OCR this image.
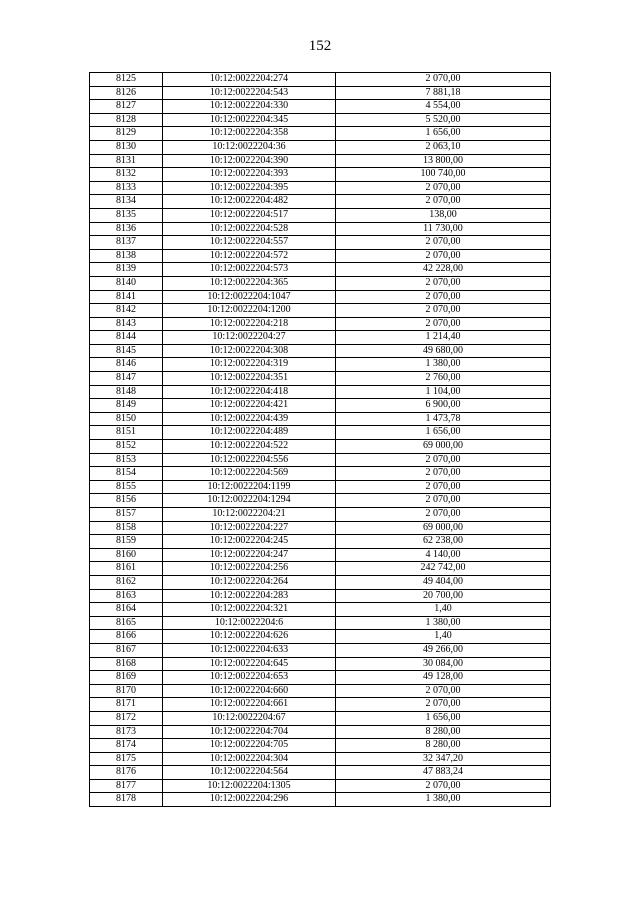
152
8125	10:12:0022204:274	2 070,00
8126	10:12:0022204:543	7 881,18
8127	10:12:0022204:330	4 554,00
8128	10:12:0022204:345	5 520,00
8129	10:12:0022204:358	1 656,00
8130	10:12:0022204:36	2 063,10
8131	10:12:0022204:390	13 800,00
8132	10:12:0022204:393	100 740,00
8133	10:12:0022204:395	2 070,00
8134	10:12:0022204:482	2 070,00
8135	10:12:0022204:517	138,00
8136	10:12:0022204:528	11 730,00
8137	10:12:0022204:557	2 070,00
8138	10:12:0022204:572	2 070,00
8139	10:12:0022204:573	42 228,00
8140	10:12:0022204:365	2 070,00
8141	10:12:0022204:1047	2 070,00
8142	10:12:0022204:1200	2 070,00
8143	10:12:0022204:218	2 070,00
8144	10:12:0022204:27	1 214,40
8145	10:12:0022204:308	49 680,00
8146	10:12:0022204:319	1 380,00
8147	10:12:0022204:351	2 760,00
8148	10:12:0022204:418	1 104,00
8149	10:12:0022204:421	6 900,00
8150	10:12:0022204:439	1 473,78
8151	10:12:0022204:489	1 656,00
8152	10:12:0022204:522	69 000,00
8153	10:12:0022204:556	2 070,00
8154	10:12:0022204:569	2 070,00
8155	10:12:0022204:1199	2 070,00
8156	10:12:0022204:1294	2 070,00
8157	10:12:0022204:21	2 070,00
8158	10:12:0022204:227	69 000,00
8159	10:12:0022204:245	62 238,00
8160	10:12:0022204:247	4 140,00
8161	10:12:0022204:256	242 742,00
8162	10:12:0022204:264	49 404,00
8163	10:12:0022204:283	20 700,00
8164	10:12:0022204:321	1,40
8165	10:12:0022204:6	1 380,00
8166	10:12:0022204:626	1,40
8167	10:12:0022204:633	49 266,00
8168	10:12:0022204:645	30 084,00
8169	10:12:0022204:653	49 128,00
8170	10:12:0022204:660	2 070,00
8171	10:12:0022204:661	2 070,00
8172	10:12:0022204:67	1 656,00
8173	10:12:0022204:704	8 280,00
8174	10:12:0022204:705	8 280,00
8175	10:12:0022204:304	32 347,20
8176	10:12:0022204:564	47 883,24
8177	10:12:0022204:1305	2 070,00
8178	10:12:0022204:296	1 380,00
